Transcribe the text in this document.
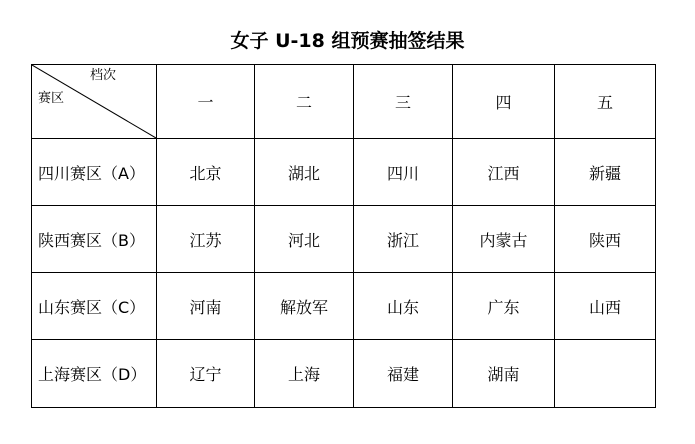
女子 U-18 组预赛抽签结果
档次
赛区	一	二	三	四	五
四川赛区（A）	北京	湖北	四川	江西	新疆
陕西赛区（B）	江苏	河北	浙江	内蒙古	陕西
山东赛区（C）	河南	解放军	山东	广东	山西
上海赛区（D）	辽宁	上海	福建	湖南	
